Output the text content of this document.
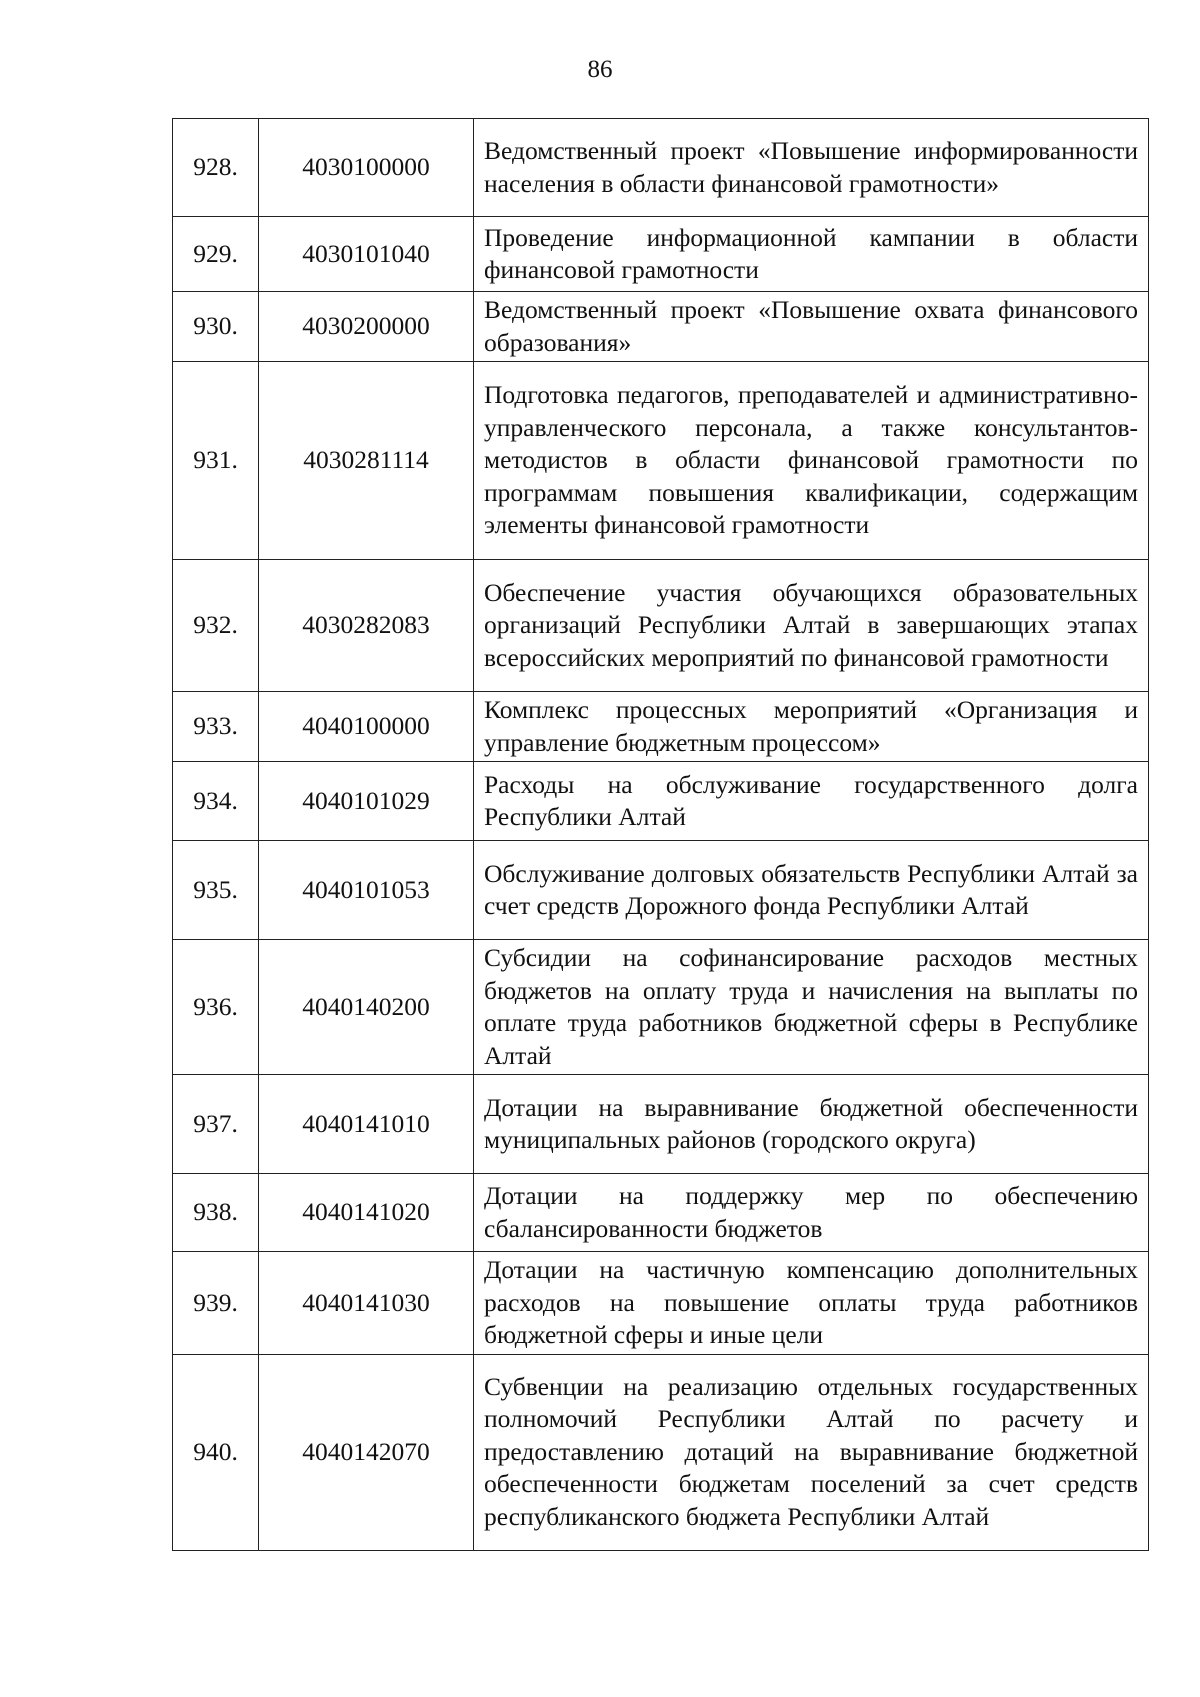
86
928.	4030100000	Ведомственный проект «Повышение информированности населения в области финансовой грамотности»

929.	4030101040	Проведение информационной кампании в области финансовой грамотности

930.	4030200000	Ведомственный проект «Повышение охвата финансового образования»

931.	4030281114	Подготовка педагогов, преподавателей и административно-управленческого персонала, а также консультантов-методистов в области финансовой грамотности по программам повышения квалификации, содержащим элементы финансовой грамотности

932.	4030282083	Обеспечение участия обучающихся образовательных организаций Республики Алтай в завершающих этапах всероссийских мероприятий по финансовой грамотности

933.	4040100000	Комплекс процессных мероприятий «Организация и управление бюджетным процессом»

934.	4040101029	Расходы на обслуживание государственного долга Республики Алтай

935.	4040101053	Обслуживание долговых обязательств Республики Алтай за счет средств Дорожного фонда Республики Алтай

936.	4040140200	Субсидии на софинансирование расходов местных бюджетов на оплату труда и начисления на выплаты по оплате труда работников бюджетной сферы в Республике Алтай

937.	4040141010	Дотации на выравнивание бюджетной обеспеченности муниципальных районов (городского округа)

938.	4040141020	Дотации на поддержку мер по обеспечению сбалансированности бюджетов

939.	4040141030	Дотации на частичную компенсацию дополнительных расходов на повышение оплаты труда работников бюджетной сферы и иные цели

940.	4040142070	Субвенции на реализацию отдельных государственных полномочий Республики Алтай по расчету и предоставлению дотаций на выравнивание бюджетной обеспеченности бюджетам поселений за счет средств республиканского бюджета Республики Алтай
